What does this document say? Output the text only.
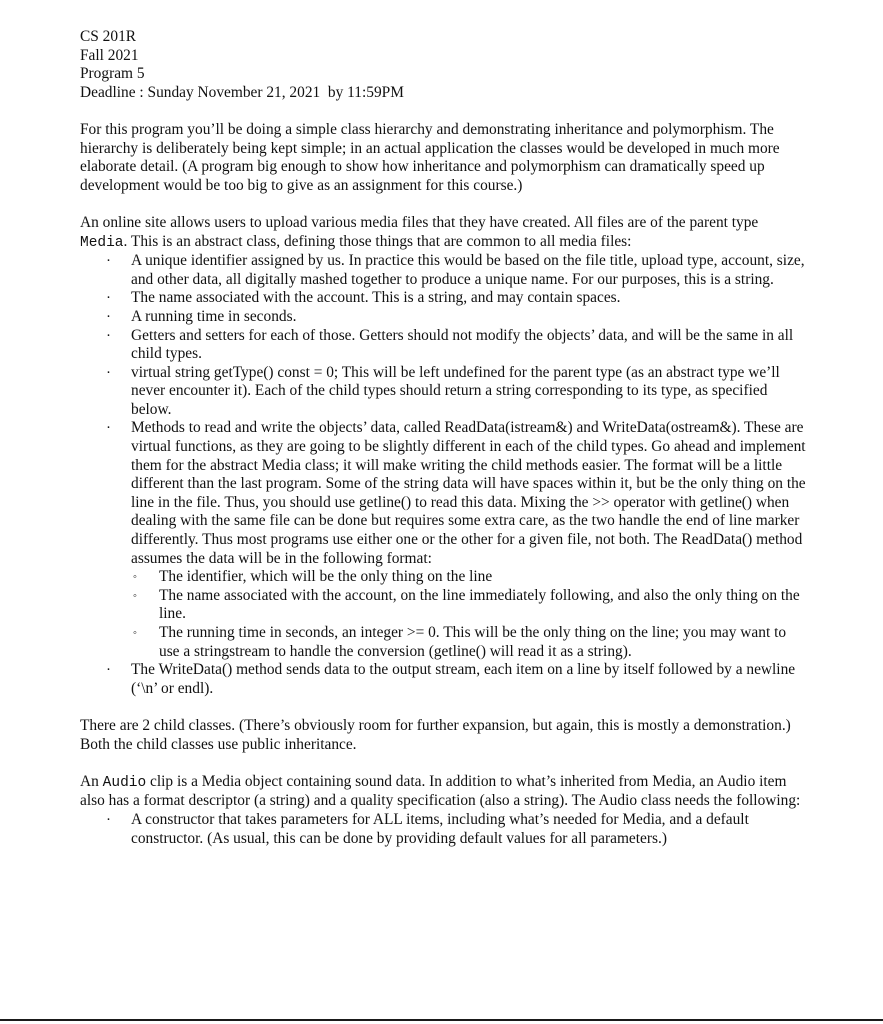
CS 201R
Fall 2021
Program 5
Deadline : Sunday November 21, 2021  by 11:59PM

For this program you’ll be doing a simple class hierarchy and demonstrating inheritance and polymorphism. The hierarchy is deliberately being kept simple; in an actual application the classes would be developed in much more elaborate detail. (A program big enough to show how inheritance and polymorphism can dramatically speed up development would be too big to give as an assignment for this course.)

An online site allows users to upload various media files that they have created. All files are of the parent type Media. This is an abstract class, defining those things that are common to all media files:

· A unique identifier assigned by us. In practice this would be based on the file title, upload type, account, size, and other data, all digitally mashed together to produce a unique name. For our purposes, this is a string.
· The name associated with the account. This is a string, and may contain spaces.
· A running time in seconds.
· Getters and setters for each of those. Getters should not modify the objects’ data, and will be the same in all child types.
· virtual string getType() const = 0; This will be left undefined for the parent type (as an abstract type we’ll never encounter it). Each of the child types should return a string corresponding to its type, as specified below.
· Methods to read and write the objects’ data, called ReadData(istream&) and WriteData(ostream&). These are virtual functions, as they are going to be slightly different in each of the child types. Go ahead and implement them for the abstract Media class; it will make writing the child methods easier. The format will be a little different than the last program. Some of the string data will have spaces within it, but be the only thing on the line in the file. Thus, you should use getline() to read this data. Mixing the >> operator with getline() when dealing with the same file can be done but requires some extra care, as the two handle the end of line marker differently. Thus most programs use either one or the other for a given file, not both. The ReadData() method assumes the data will be in the following format:
◦ The identifier, which will be the only thing on the line
◦ The name associated with the account, on the line immediately following, and also the only thing on the line.
◦ The running time in seconds, an integer >= 0. This will be the only thing on the line; you may want to use a stringstream to handle the conversion (getline() will read it as a string).
· The WriteData() method sends data to the output stream, each item on a line by itself followed by a newline (‘\n’ or endl).

There are 2 child classes. (There’s obviously room for further expansion, but again, this is mostly a demonstration.) Both the child classes use public inheritance.

An Audio clip is a Media object containing sound data. In addition to what’s inherited from Media, an Audio item also has a format descriptor (a string) and a quality specification (also a string). The Audio class needs the following:

· A constructor that takes parameters for ALL items, including what’s needed for Media, and a default constructor. (As usual, this can be done by providing default values for all parameters.)
